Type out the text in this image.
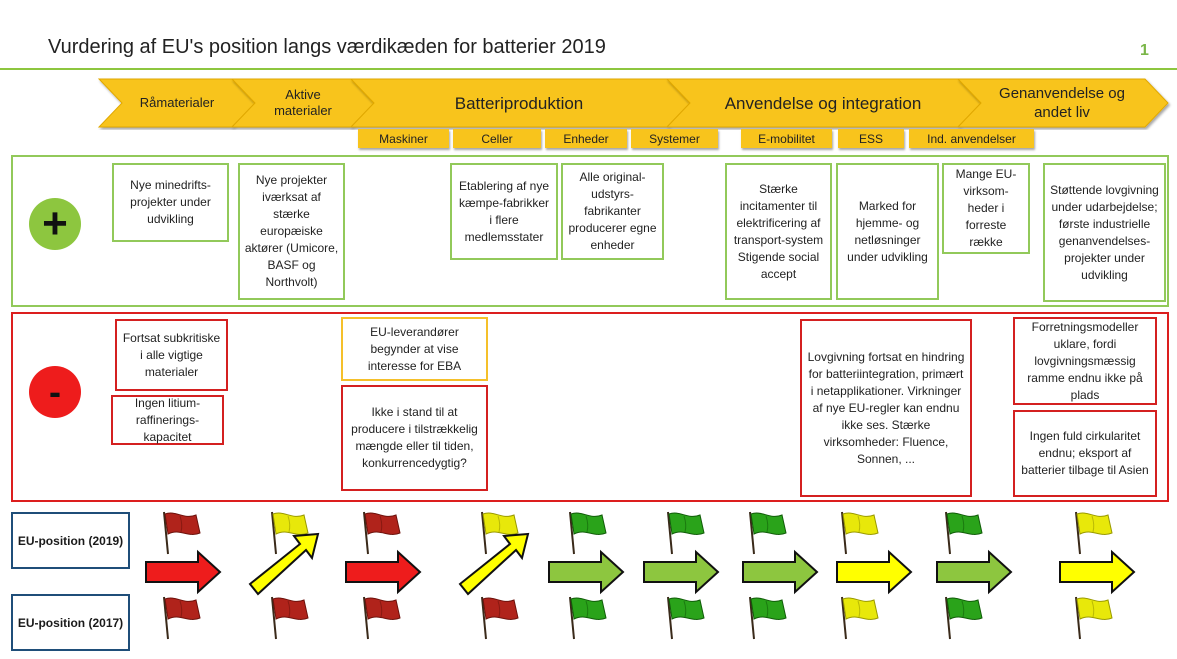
Vurdering af EU's position langs værdikæden for batterier 2019	1
Råmaterialer
Aktive materialer	Batteriproduktion	Anvendelse og integration	Genanvendelse og andet liv
Maskiner	Celler	Enheder	Systemer	E-mobilitet	ESS	Ind. anvendelser
+
Nye minedrifts-projekter under udvikling
Nye projekter iværksat af stærke europæiske aktører (Umicore, BASF og Northvolt)
Etablering af nye kæmpe-fabrikker i flere medlemsstater
Alle original-udstyrs-fabrikanter producerer egne enheder
Stærke incitamenter til elektrificering af transport-system Stigende social accept
Marked for hjemme- og netløsninger under udvikling
Mange EU-virksom-heder i forreste række
Støttende lovgivning under udarbejdelse; første industrielle genanvendelses-projekter under udvikling
-
Fortsat subkritiske i alle vigtige materialer
Ingen litium-raffinerings-kapacitet
EU-leverandører begynder at vise interesse for EBA
Ikke i stand til at producere i tilstrækkelig mængde eller til tiden, konkurrencedygtig?
Lovgivning fortsat en hindring for batteriintegration, primært i netapplikationer. Virkninger af nye EU-regler kan endnu ikke ses. Stærke virksomheder: Fluence, Sonnen, ...
Forretningsmodeller uklare, fordi lovgivningsmæssig ramme endnu ikke på plads
Ingen fuld cirkularitet endnu; eksport af batterier tilbage til Asien
EU-position (2019)
EU-position (2017)
